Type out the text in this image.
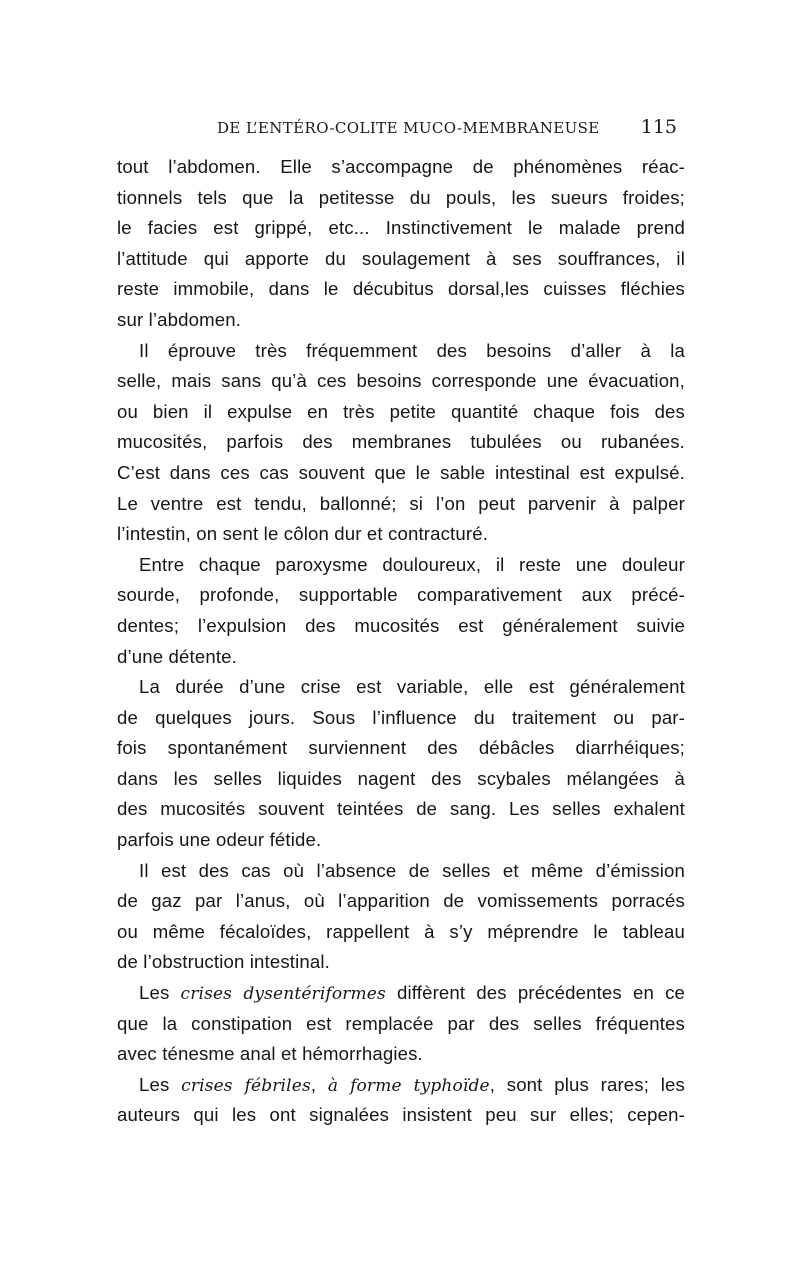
DE L’ENTÉRO-COLITE MUCO-MEMBRANEUSE 115
tout l’abdomen. Elle s’accompagne de phénomènes réac-
tionnels tels que la petitesse du pouls, les sueurs froides;
le facies est grippé, etc... Instinctivement le malade prend
l’attitude qui apporte du soulagement à ses souffrances, il
reste immobile, dans le décubitus dorsal,les cuisses fléchies
sur l’abdomen.
Il éprouve très fréquemment des besoins d’aller à la
selle, mais sans qu’à ces besoins corresponde une évacuation,
ou bien il expulse en très petite quantité chaque fois des
mucosités, parfois des membranes tubulées ou rubanées.
C’est dans ces cas souvent que le sable intestinal est expulsé.
Le ventre est tendu, ballonné; si l’on peut parvenir à palper
l’intestin, on sent le côlon dur et contracturé.
Entre chaque paroxysme douloureux, il reste une douleur
sourde, profonde, supportable comparativement aux précé-
dentes; l’expulsion des mucosités est généralement suivie
d’une détente.
La durée d’une crise est variable, elle est généralement
de quelques jours. Sous l’influence du traitement ou par-
fois spontanément surviennent des débâcles diarrhéiques;
dans les selles liquides nagent des scybales mélangées à
des mucosités souvent teintées de sang. Les selles exhalent
parfois une odeur fétide.
Il est des cas où l’absence de selles et même d’émission
de gaz par l’anus, où l’apparition de vomissements porracés
ou même fécaloïdes, rappellent à s’y méprendre le tableau
de l’obstruction intestinal.
Les crises dysentériformes diffèrent des précédentes en ce
que la constipation est remplacée par des selles fréquentes
avec ténesme anal et hémorrhagies.
Les crises fébriles, à forme typhoïde, sont plus rares; les
auteurs qui les ont signalées insistent peu sur elles; cepen-
